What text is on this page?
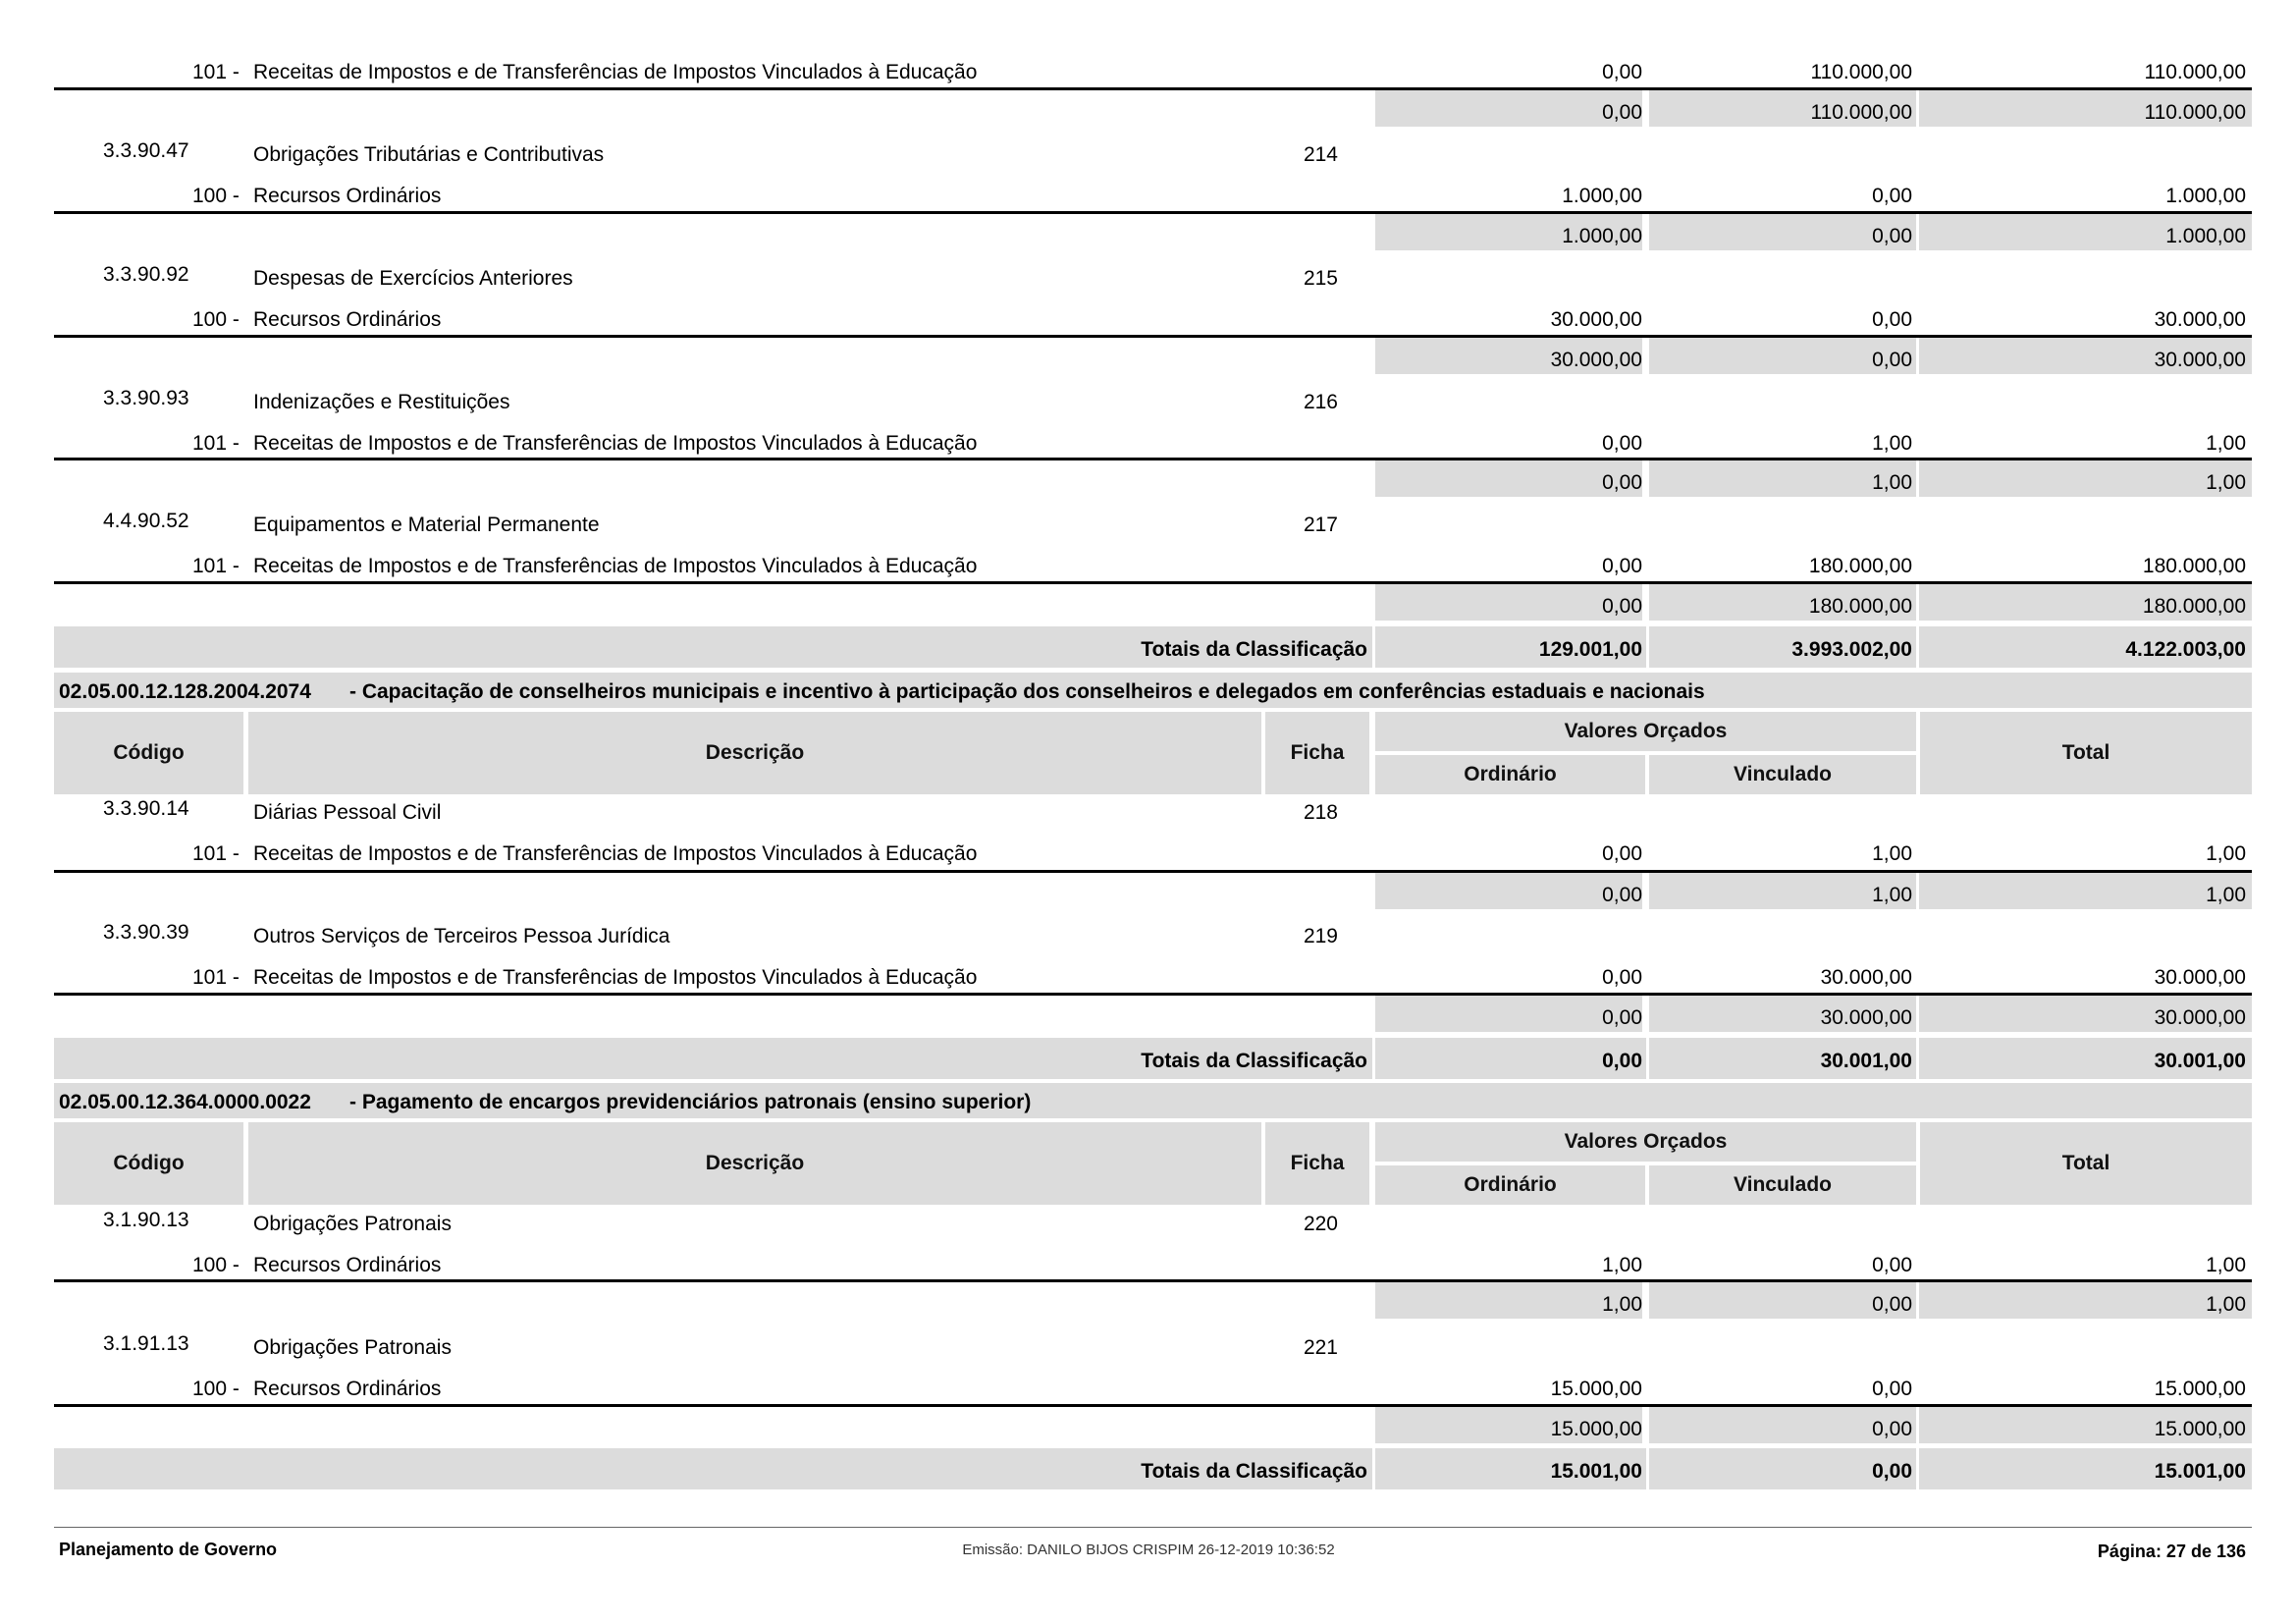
101 - Receitas de Impostos e de Transferências de Impostos Vinculados à Educação	0,00	110.000,00	110.000,00
0,00	110.000,00	110.000,00
3.3.90.47	Obrigações Tributárias e Contributivas	214
100 - Recursos Ordinários	1.000,00	0,00	1.000,00
1.000,00	0,00	1.000,00
3.3.90.92	Despesas de Exercícios Anteriores	215
100 - Recursos Ordinários	30.000,00	0,00	30.000,00
30.000,00	0,00	30.000,00
3.3.90.93	Indenizações e Restituições	216
101 - Receitas de Impostos e de Transferências de Impostos Vinculados à Educação	0,00	1,00	1,00
0,00	1,00	1,00
4.4.90.52	Equipamentos e Material Permanente	217
101 - Receitas de Impostos e de Transferências de Impostos Vinculados à Educação	0,00	180.000,00	180.000,00
0,00	180.000,00	180.000,00
Totais da Classificação	129.001,00	3.993.002,00	4.122.003,00
02.05.00.12.128.2004.2074 - Capacitação de conselheiros municipais e incentivo à participação dos conselheiros e delegados em conferências estaduais e nacionais
Código	Descrição	Ficha
Valores Orçados
Ordinário	Vinculado
Total
3.3.90.14	Diárias Pessoal Civil	218
101 - Receitas de Impostos e de Transferências de Impostos Vinculados à Educação	0,00	1,00	1,00
0,00	1,00	1,00
3.3.90.39	Outros Serviços de Terceiros Pessoa Jurídica	219
101 - Receitas de Impostos e de Transferências de Impostos Vinculados à Educação	0,00	30.000,00	30.000,00
0,00	30.000,00	30.000,00
Totais da Classificação	0,00	30.001,00	30.001,00
02.05.00.12.364.0000.0022 - Pagamento de encargos previdenciários patronais (ensino superior)
Código	Descrição	Ficha
Valores Orçados
Ordinário	Vinculado
Total
3.1.90.13	Obrigações Patronais	220
100 - Recursos Ordinários	1,00	0,00	1,00
1,00	0,00	1,00
3.1.91.13	Obrigações Patronais	221
100 - Recursos Ordinários	15.000,00	0,00	15.000,00
15.000,00	0,00	15.000,00
Totais da Classificação	15.001,00	0,00	15.001,00
Planejamento de Governo	Emissão: DANILO BIJOS CRISPIM 26-12-2019 10:36:52	Página: 27 de 136
